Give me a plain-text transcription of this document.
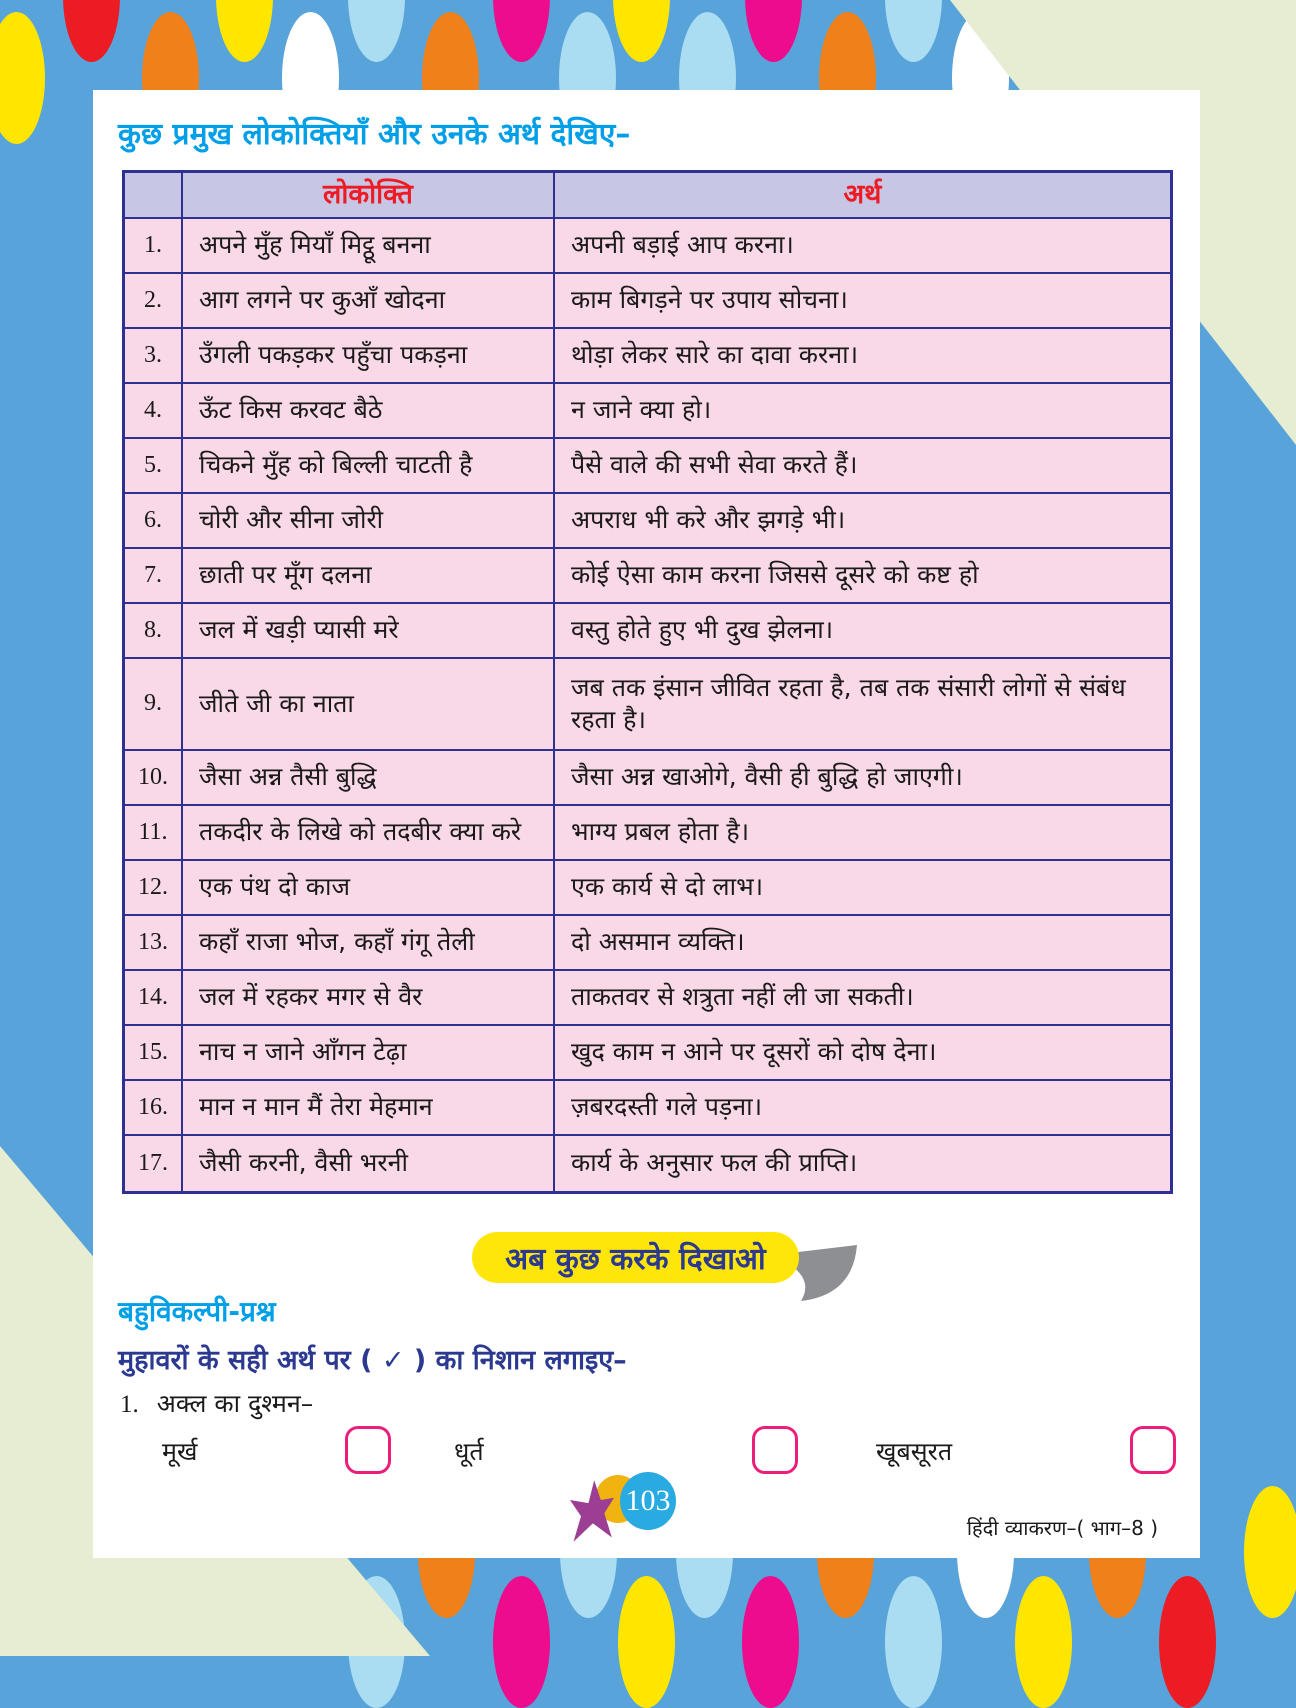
कुछ प्रमुख लोकोक्तियाँ और उनके अर्थ देखिए–
लोकोक्ति	अर्थ
1.	अपने मुँह मियाँ मिट्ठू बनना	अपनी बड़ाई आप करना।
2.	आग लगने पर कुआँ खोदना	काम बिगड़ने पर उपाय सोचना।
3.	उँगली पकड़कर पहुँचा पकड़ना	थोड़ा लेकर सारे का दावा करना।
4.	ऊँट किस करवट बैठे	न जाने क्या हो।
5.	चिकने मुँह को बिल्ली चाटती है	पैसे वाले की सभी सेवा करते हैं।
6.	चोरी और सीना जोरी	अपराध भी करे और झगड़े भी।
7.	छाती पर मूँग दलना	कोई ऐसा काम करना जिससे दूसरे को कष्ट हो
8.	जल में खड़ी प्यासी मरे	वस्तु होते हुए भी दुख झेलना।
9.	जीते जी का नाता
जब तक इंसान जीवित रहता है, तब तक संसारी लोगों से संबंध रहता है।
10.	जैसा अन्न तैसी बुद्धि	जैसा अन्न खाओगे, वैसी ही बुद्धि हो जाएगी।
11.	तकदीर के लिखे को तदबीर क्या करे	भाग्य प्रबल होता है।
12.	एक पंथ दो काज	एक कार्य से दो लाभ।
13.	कहाँ राजा भोज, कहाँ गंगू तेली	दो असमान व्यक्ति।
14.	जल में रहकर मगर से वैर	ताकतवर से शत्रुता नहीं ली जा सकती।
15.	नाच न जाने आँगन टेढ़ा	खुद काम न आने पर दूसरों को दोष देना।
16.	मान न मान मैं तेरा मेहमान	ज़बरदस्ती गले पड़ना।
17.	जैसी करनी, वैसी भरनी	कार्य के अनुसार फल की प्राप्ति।
अब कुछ करके दिखाओ
बहुविकल्पी-प्रश्न
मुहावरों के सही अर्थ पर ( ✓ ) का निशान लगाइए–
1. अक्ल का दुश्मन–
मूर्ख	धूर्त	खूबसूरत
हिंदी व्याकरण–( भाग–8 )
103
